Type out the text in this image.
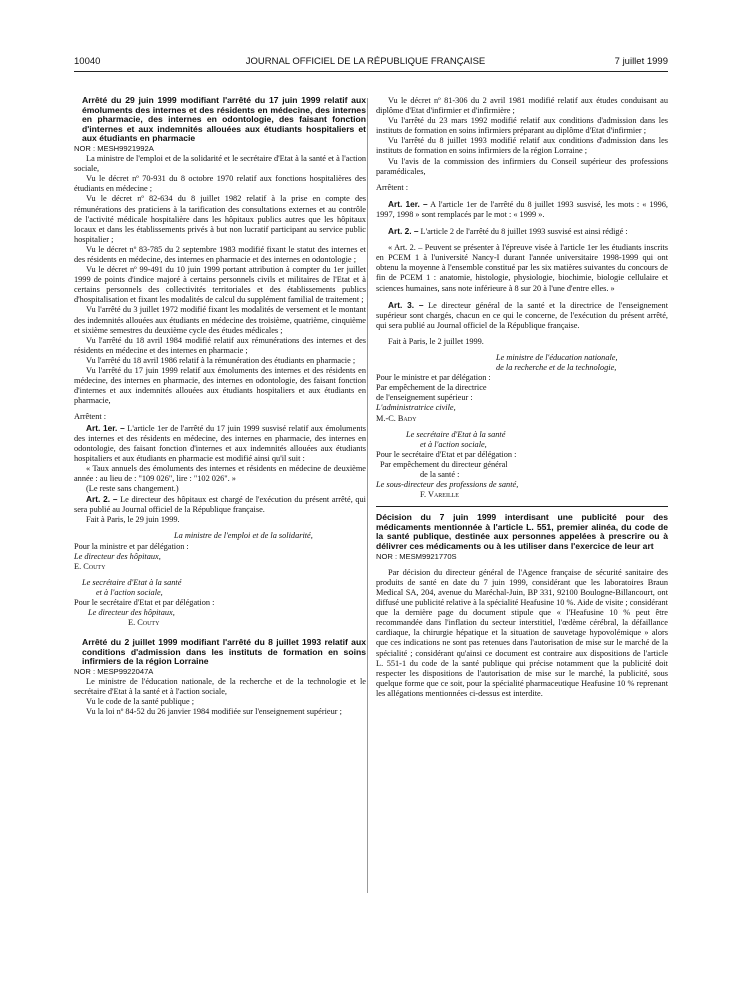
10040	JOURNAL OFFICIEL DE LA RÉPUBLIQUE FRANÇAISE	7 juillet 1999

Arrêté du 29 juin 1999 modifiant l'arrêté du 17 juin 1999 relatif aux émoluments des internes et des résidents en médecine, des internes en pharmacie, des internes en odontologie, des faisant fonction d'internes et aux indemnités allouées aux étudiants hospitaliers et aux étudiants en pharmacie

NOR : MESH9921992A

La ministre de l'emploi et de la solidarité et le secrétaire d'Etat à la santé et à l'action sociale,

Vu le décret nº 70-931 du 8 octobre 1970 relatif aux fonctions hospitalières des étudiants en médecine ;

Vu le décret nº 82-634 du 8 juillet 1982 relatif à la prise en compte des rémunérations des praticiens à la tarification des consultations externes et au contrôle de l'activité médicale hospitalière dans les hôpitaux publics autres que les hôpitaux locaux et dans les établissements privés à but non lucratif participant au service public hospitalier ;

Vu le décret nº 83-785 du 2 septembre 1983 modifié fixant le statut des internes et des résidents en médecine, des internes en pharmacie et des internes en odontologie ;

Vu le décret nº 99-491 du 10 juin 1999 portant attribution à compter du 1er juillet 1999 de points d'indice majoré à certains personnels civils et militaires de l'Etat et à certains personnels des collectivités territoriales et des établissements publics d'hospitalisation et fixant les modalités de calcul du supplément familial de traitement ;

Vu l'arrêté du 3 juillet 1972 modifié fixant les modalités de versement et le montant des indemnités allouées aux étudiants en médecine des troisième, quatrième, cinquième et sixième semestres du deuxième cycle des études médicales ;

Vu l'arrêté du 18 avril 1984 modifié relatif aux rémunérations des internes et des résidents en médecine et des internes en pharmacie ;

Vu l'arrêté du 18 avril 1986 relatif à la rémunération des étudiants en pharmacie ;

Vu l'arrêté du 17 juin 1999 relatif aux émoluments des internes et des résidents en médecine, des internes en pharmacie, des internes en odontologie, des faisant fonction d'internes et aux indemnités allouées aux étudiants hospitaliers et aux étudiants en pharmacie,

Arrêtent :

Art. 1er. – L'article 1er de l'arrêté du 17 juin 1999 susvisé relatif aux émoluments des internes et des résidents en médecine, des internes en pharmacie, des internes en odontologie, des faisant fonction d'internes et aux indemnités allouées aux étudiants hospitaliers et aux étudiants en pharmacie est modifié ainsi qu'il suit :

« Taux annuels des émoluments des internes et résidents en médecine de deuxième année : au lieu de : "109 026", lire : "102 026". »

(Le reste sans changement.)

Art. 2. – Le directeur des hôpitaux est chargé de l'exécution du présent arrêté, qui sera publié au Journal officiel de la République française.

Fait à Paris, le 29 juin 1999.

La ministre de l'emploi et de la solidarité,

Pour la ministre et par délégation :

Le directeur des hôpitaux,

E. Couty

Le secrétaire d'Etat à la santé

et à l'action sociale,

Pour le secrétaire d'Etat et par délégation :

Le directeur des hôpitaux,

E. Couty

Arrêté du 2 juillet 1999 modifiant l'arrêté du 8 juillet 1993 relatif aux conditions d'admission dans les instituts de formation en soins infirmiers de la région Lorraine

NOR : MESP9922047A

Le ministre de l'éducation nationale, de la recherche et de la technologie et le secrétaire d'Etat à la santé et à l'action sociale,

Vu le code de la santé publique ;

Vu la loi nº 84-52 du 26 janvier 1984 modifiée sur l'enseignement supérieur ;

Vu le décret nº 81-306 du 2 avril 1981 modifié relatif aux études conduisant au diplôme d'Etat d'infirmier et d'infirmière ;

Vu l'arrêté du 23 mars 1992 modifié relatif aux conditions d'admission dans les instituts de formation en soins infirmiers préparant au diplôme d'Etat d'infirmier ;

Vu l'arrêté du 8 juillet 1993 modifié relatif aux conditions d'admission dans les instituts de formation en soins infirmiers de la région Lorraine ;

Vu l'avis de la commission des infirmiers du Conseil supérieur des professions paramédicales,

Arrêtent :

Art. 1er. – A l'article 1er de l'arrêté du 8 juillet 1993 susvisé, les mots : « 1996, 1997, 1998 » sont remplacés par le mot : « 1999 ».

Art. 2. – L'article 2 de l'arrêté du 8 juillet 1993 susvisé est ainsi rédigé :

« Art. 2. – Peuvent se présenter à l'épreuve visée à l'article 1er les étudiants inscrits en PCEM 1 à l'université Nancy-I durant l'année universitaire 1998-1999 qui ont obtenu la moyenne à l'ensemble constitué par les six matières suivantes du concours de fin de PCEM 1 : anatomie, histologie, physiologie, biochimie, biologie cellulaire et sciences humaines, sans note inférieure à 8 sur 20 à l'une d'entre elles. »

Art. 3. – Le directeur général de la santé et la directrice de l'enseignement supérieur sont chargés, chacun en ce qui le concerne, de l'exécution du présent arrêté, qui sera publié au Journal officiel de la République française.

Fait à Paris, le 2 juillet 1999.

Le ministre de l'éducation nationale,

de la recherche et de la technologie,

Pour le ministre et par délégation :

Par empêchement de la directrice

de l'enseignement supérieur :

L'administratrice civile,

M.-C. Bady

Le secrétaire d'Etat à la santé

et à l'action sociale,

Pour le secrétaire d'Etat et par délégation :

Par empêchement du directeur général

de la santé :

Le sous-directeur des professions de santé,

F. Vareille

Décision du 7 juin 1999 interdisant une publicité pour des médicaments mentionnée à l'article L. 551, premier alinéa, du code de la santé publique, destinée aux personnes appelées à prescrire ou à délivrer ces médicaments ou à les utiliser dans l'exercice de leur art

NOR : MESM9921770S

Par décision du directeur général de l'Agence française de sécurité sanitaire des produits de santé en date du 7 juin 1999, considérant que les laboratoires Braun Medical SA, 204, avenue du Maréchal-Juin, BP 331, 92100 Boulogne-Billancourt, ont diffusé une publicité relative à la spécialité Heafusine 10 %. Aide de visite ; considérant que la dernière page du document stipule que « l'Heafusine 10 % peut être recommandée dans l'inflation du secteur interstitiel, l'œdème cérébral, la défaillance cardiaque, la chirurgie hépatique et la situation de sauvetage hypovolémique » alors que ces indications ne sont pas retenues dans l'autorisation de mise sur le marché de la spécialité ; considérant qu'ainsi ce document est contraire aux dispositions de l'article L. 551-1 du code de la santé publique qui précise notamment que la publicité doit respecter les dispositions de l'autorisation de mise sur le marché, la publicité, sous quelque forme que ce soit, pour la spécialité pharmaceutique Heafusine 10 % reprenant les allégations mentionnées ci-dessus est interdite.
